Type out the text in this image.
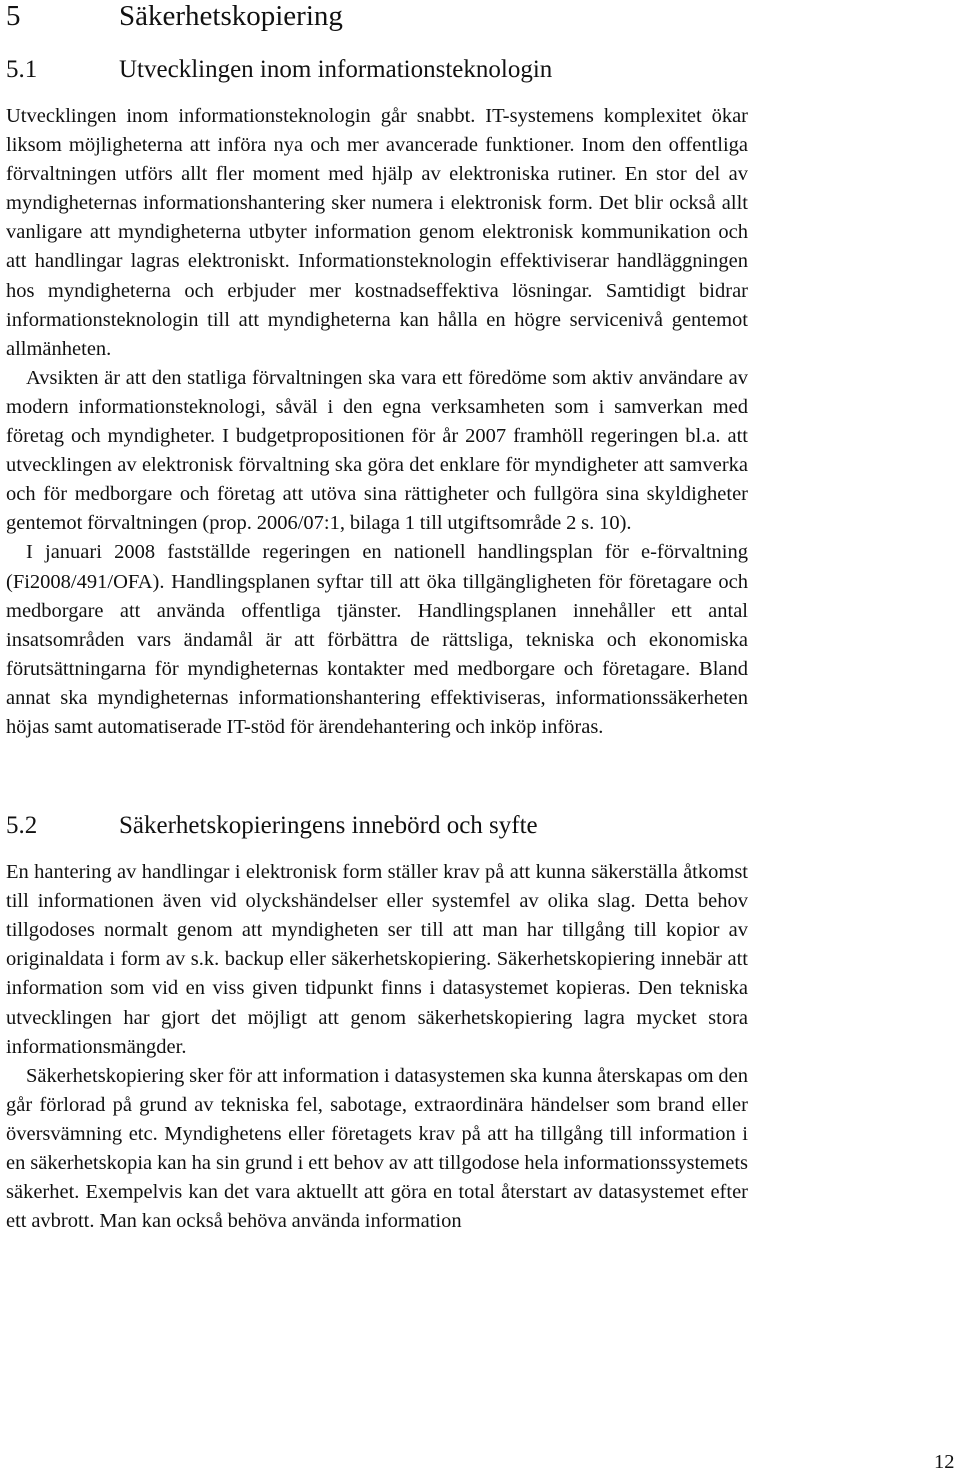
5	Säkerhetskopiering
5.1	Utvecklingen inom informationsteknologin

Utvecklingen inom informationsteknologin går snabbt. IT-systemens komplexitet ökar liksom möjligheterna att införa nya och mer avancerade funktioner. Inom den offentliga förvaltningen utförs allt fler moment med hjälp av elektroniska rutiner. En stor del av myndigheternas informationshantering sker numera i elektronisk form. Det blir också allt vanligare att myndigheterna utbyter information genom elektronisk kommunikation och att handlingar lagras elektroniskt. Informationsteknologin effektiviserar handläggningen hos myndigheterna och erbjuder mer kostnadseffektiva lösningar. Samtidigt bidrar informationsteknologin till att myndigheterna kan hålla en högre servicenivå gentemot allmänheten.

Avsikten är att den statliga förvaltningen ska vara ett föredöme som aktiv användare av modern informationsteknologi, såväl i den egna verksamheten som i samverkan med företag och myndigheter. I budgetpropositionen för år 2007 framhöll regeringen bl.a. att utvecklingen av elektronisk förvaltning ska göra det enklare för myndigheter att samverka och för medborgare och företag att utöva sina rättigheter och fullgöra sina skyldigheter gentemot förvaltningen (prop. 2006/07:1, bilaga 1 till utgiftsområde 2 s. 10).

I januari 2008 fastställde regeringen en nationell handlingsplan för e-förvaltning (Fi2008/491/OFA). Handlingsplanen syftar till att öka tillgängligheten för företagare och medborgare att använda offentliga tjänster. Handlingsplanen innehåller ett antal insatsområden vars ändamål är att förbättra de rättsliga, tekniska och ekonomiska förutsättningarna för myndigheternas kontakter med medborgare och företagare. Bland annat ska myndigheternas informationshantering effektiviseras, informationssäkerheten höjas samt automatiserade IT-stöd för ärendehantering och inköp införas.

5.2	Säkerhetskopieringens innebörd och syfte

En hantering av handlingar i elektronisk form ställer krav på att kunna säkerställa åtkomst till informationen även vid olyckshändelser eller systemfel av olika slag. Detta behov tillgodoses normalt genom att myndigheten ser till att man har tillgång till kopior av originaldata i form av s.k. backup eller säkerhetskopiering. Säkerhetskopiering innebär att information som vid en viss given tidpunkt finns i datasystemet kopieras. Den tekniska utvecklingen har gjort det möjligt att genom säkerhetskopiering lagra mycket stora informationsmängder.

Säkerhetskopiering sker för att information i datasystemen ska kunna återskapas om den går förlorad på grund av tekniska fel, sabotage, extraordinära händelser som brand eller översvämning etc. Myndighetens eller företagets krav på att ha tillgång till information i en säkerhetskopia kan ha sin grund i ett behov av att tillgodose hela informationssystemets säkerhet. Exempelvis kan det vara aktuellt att göra en total återstart av datasystemet efter ett avbrott. Man kan också behöva använda information

12
